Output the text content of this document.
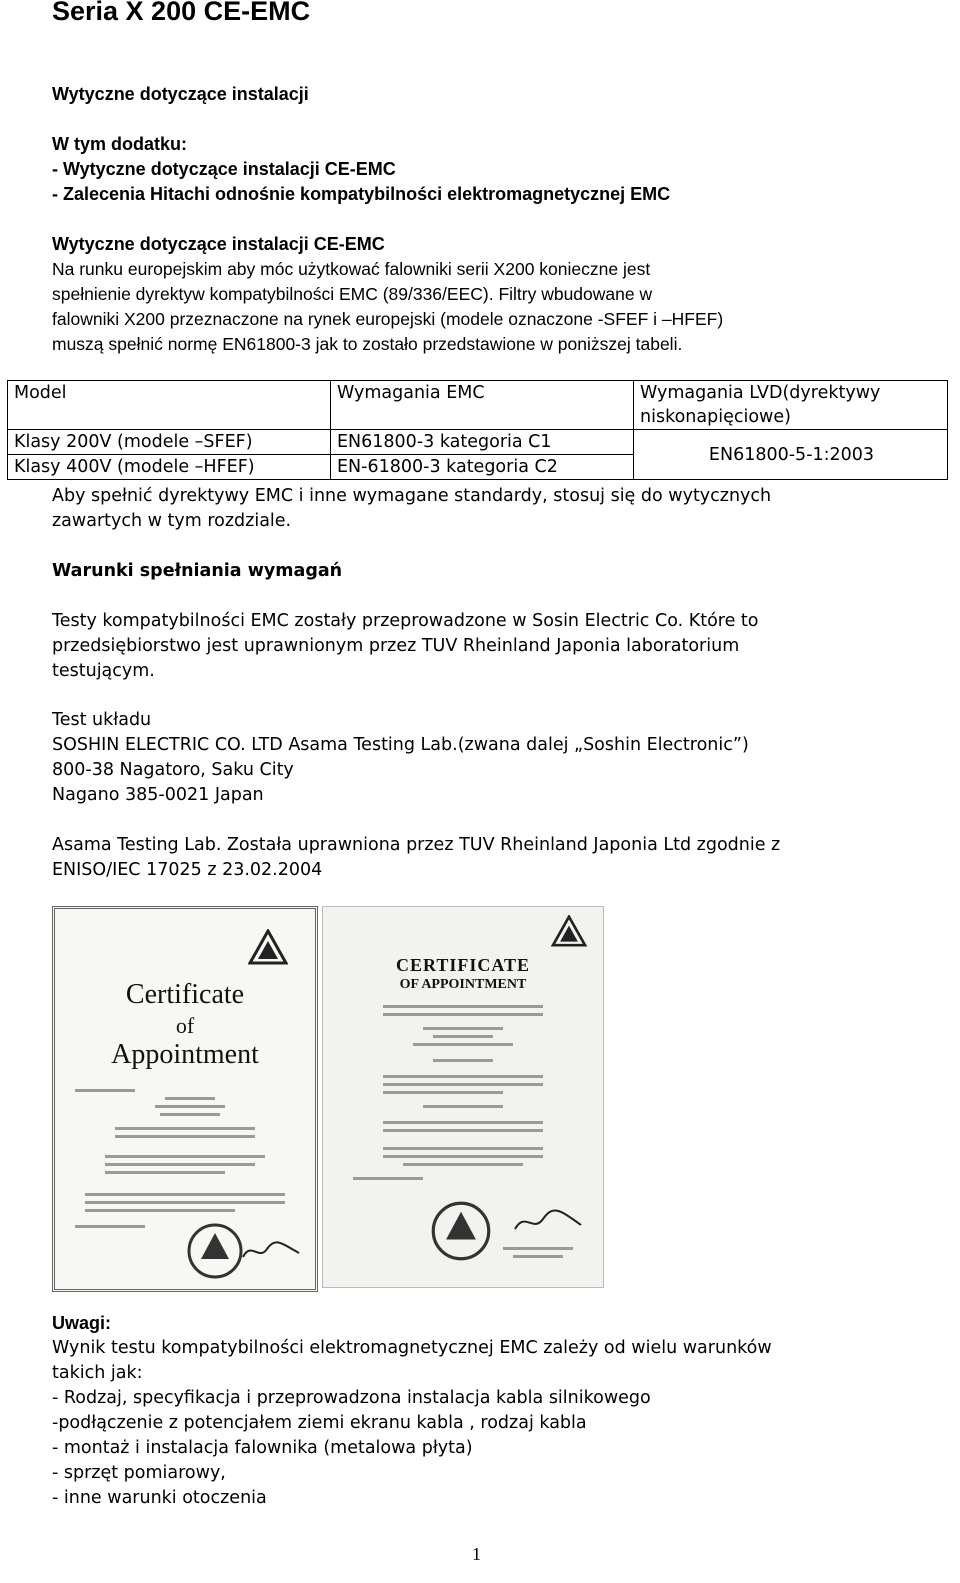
Seria X 200 CE-EMC
Wytyczne dotyczące instalacji
W tym dodatku:
- Wytyczne dotyczące instalacji CE-EMC
- Zalecenia Hitachi odnośnie kompatybilności elektromagnetycznej EMC
Wytyczne dotyczące instalacji CE-EMC
Na runku europejskim aby móc użytkować falowniki serii X200 konieczne jest
spełnienie dyrektyw kompatybilności EMC (89/336/EEC). Filtry wbudowane w
falowniki X200 przeznaczone na rynek europejski (modele oznaczone -SFEF i –HFEF)
muszą spełnić normę EN61800-3 jak to zostało przedstawione w poniższej tabeli.
Model	Wymagania EMC	Wymagania LVD(dyrektywy
niskonapięciowe)
Klasy 200V (modele –SFEF)	EN61800-3 kategoria C1	EN61800-5-1:2003
Klasy 400V (modele –HFEF)	EN-61800-3 kategoria C2	
Aby spełnić dyrektywy EMC i inne wymagane standardy, stosuj się do wytycznych
zawartych w tym rozdziale.
Warunki spełniania wymagań
Testy kompatybilności EMC zostały przeprowadzone w Sosin Electric Co. Które to
przedsiębiorstwo jest uprawnionym przez TUV Rheinland Japonia laboratorium
testującym.
Test układu
SOSHIN ELECTRIC CO. LTD Asama Testing Lab.(zwana dalej „Soshin Electronic”)
800-38 Nagatoro, Saku City
Nagano 385-0021 Japan
Asama Testing Lab. Została uprawniona przez TUV Rheinland Japonia Ltd zgodnie z
ENISO/IEC 17025 z 23.02.2004
Certificate
of
Appointment
CERTIFICATE
OF APPOINTMENT
Uwagi:
Wynik testu kompatybilności elektromagnetycznej EMC zależy od wielu warunków
takich jak:
- Rodzaj, specyfikacja i przeprowadzona instalacja kabla silnikowego
-podłączenie z potencjałem ziemi ekranu kabla , rodzaj kabla
- montaż i instalacja falownika (metalowa płyta)
- sprzęt pomiarowy,
- inne warunki otoczenia
1
